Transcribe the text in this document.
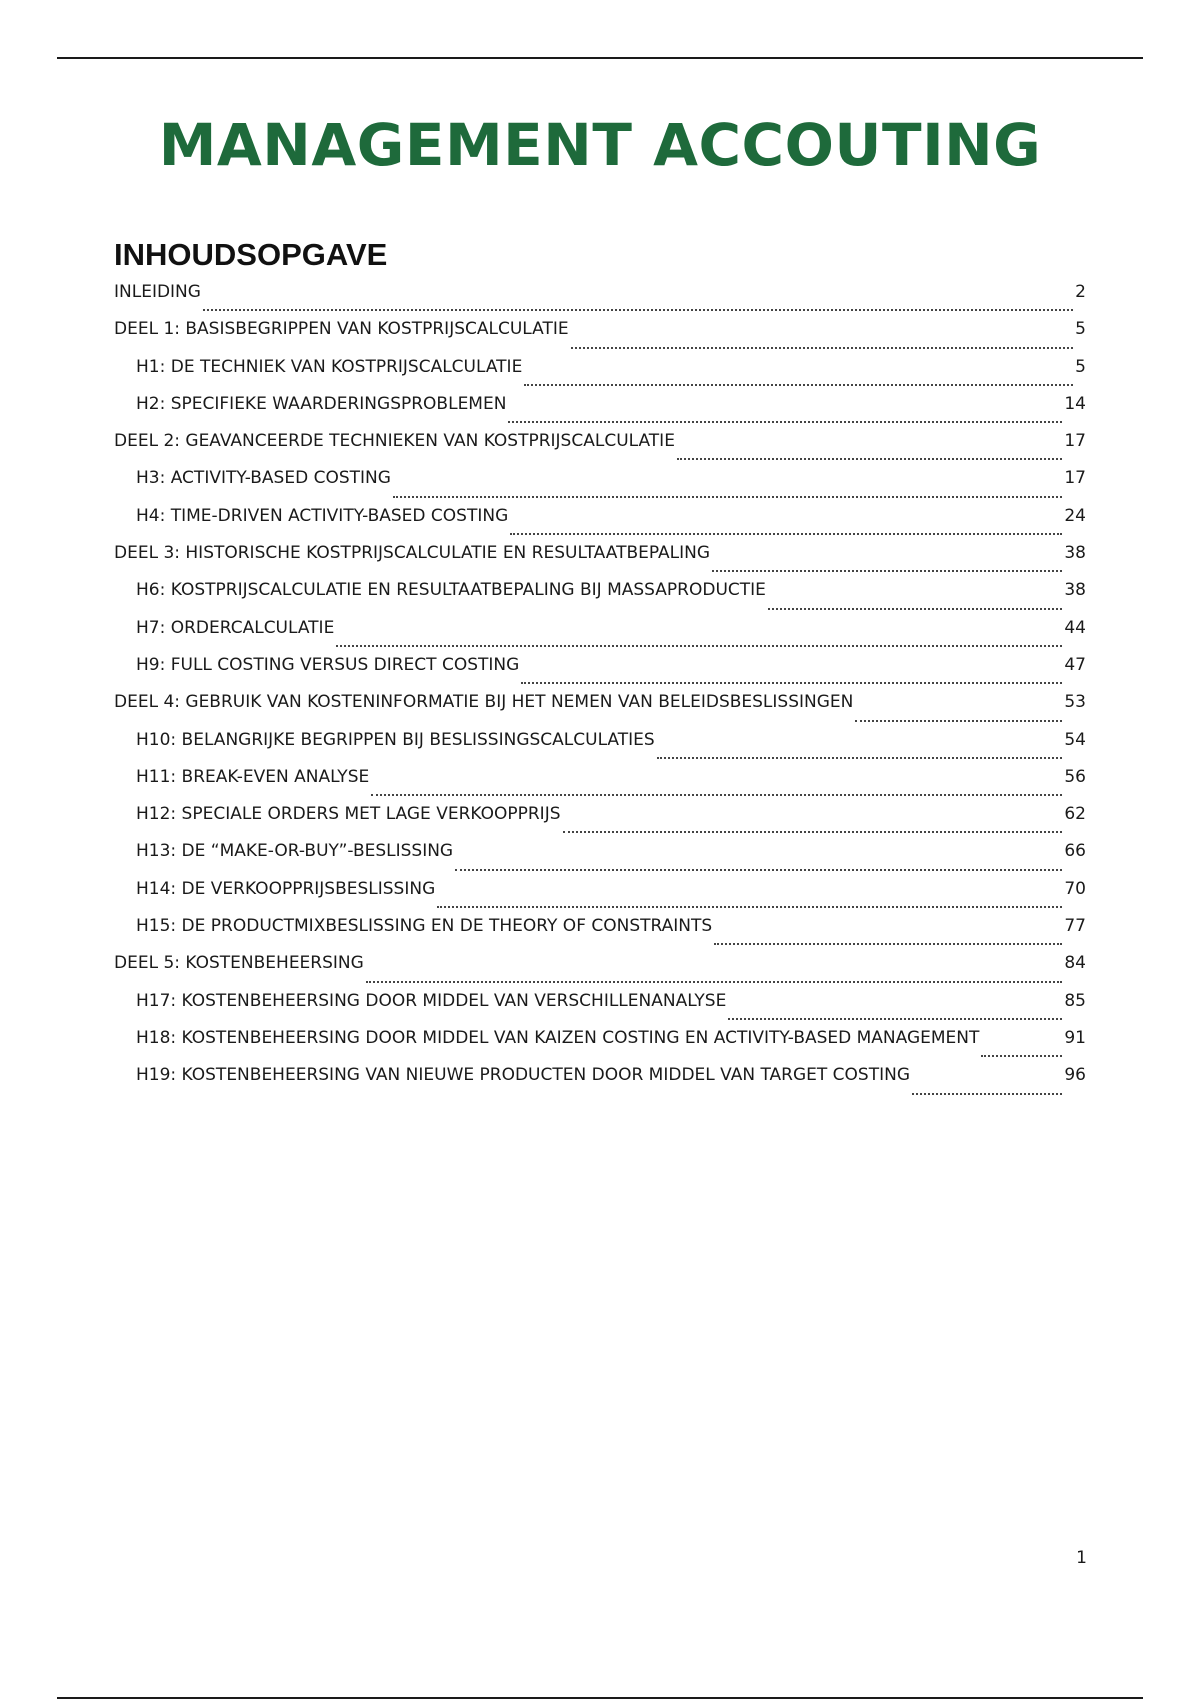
MANAGEMENT ACCOUTING
INHOUDSOPGAVE
INLEIDING	2
DEEL 1: BASISBEGRIPPEN VAN KOSTPRIJSCALCULATIE	5
H1: DE TECHNIEK VAN KOSTPRIJSCALCULATIE	5
H2: SPECIFIEKE WAARDERINGSPROBLEMEN	14
DEEL 2: GEAVANCEERDE TECHNIEKEN VAN KOSTPRIJSCALCULATIE	17
H3: ACTIVITY-BASED COSTING	17
H4: TIME-DRIVEN ACTIVITY-BASED COSTING	24
DEEL 3: HISTORISCHE KOSTPRIJSCALCULATIE EN RESULTAATBEPALING	38
H6: KOSTPRIJSCALCULATIE EN RESULTAATBEPALING BIJ MASSAPRODUCTIE	38
H7: ORDERCALCULATIE	44
H9: FULL COSTING VERSUS DIRECT COSTING	47
DEEL 4: GEBRUIK VAN KOSTENINFORMATIE BIJ HET NEMEN VAN BELEIDSBESLISSINGEN	53
H10: BELANGRIJKE BEGRIPPEN BIJ BESLISSINGSCALCULATIES	54
H11: BREAK-EVEN ANALYSE	56
H12: SPECIALE ORDERS MET LAGE VERKOOPPRIJS	62
H13: DE “MAKE-OR-BUY”-BESLISSING	66
H14: DE VERKOOPPRIJSBESLISSING	70
H15: DE PRODUCTMIXBESLISSING EN DE THEORY OF CONSTRAINTS	77
DEEL 5: KOSTENBEHEERSING	84
H17: KOSTENBEHEERSING DOOR MIDDEL VAN VERSCHILLENANALYSE	85
H18: KOSTENBEHEERSING DOOR MIDDEL VAN KAIZEN COSTING EN ACTIVITY-BASED MANAGEMENT	91
H19: KOSTENBEHEERSING VAN NIEUWE PRODUCTEN DOOR MIDDEL VAN TARGET COSTING	96
1
